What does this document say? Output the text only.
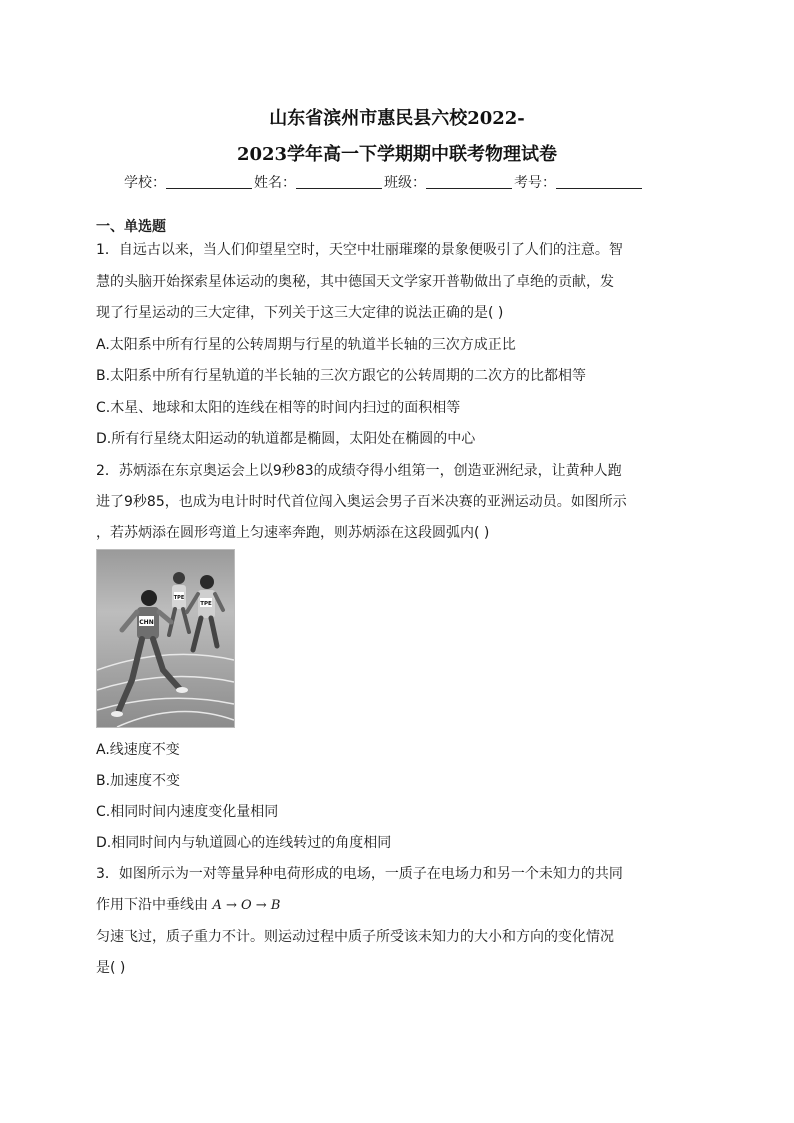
山东省滨州市惠民县六校2022-
2023学年高一下学期期中联考物理试卷
学校：	姓名：	班级：	考号：
一、单选题
1．自远古以来，当人们仰望星空时，天空中壮丽璀璨的景象便吸引了人们的注意。智
慧的头脑开始探索星体运动的奥秘，其中德国天文学家开普勒做出了卓绝的贡献，发
现了行星运动的三大定律，下列关于这三大定律的说法正确的是( )
A.太阳系中所有行星的公转周期与行星的轨道半长轴的三次方成正比
B.太阳系中所有行星轨道的半长轴的三次方跟它的公转周期的二次方的比都相等
C.木星、地球和太阳的连线在相等的时间内扫过的面积相等
D.所有行星绕太阳运动的轨道都是椭圆，太阳处在椭圆的中心
2．苏炳添在东京奥运会上以9秒83的成绩夺得小组第一，创造亚洲纪录，让黄种人跑
进了9秒85，也成为电计时时代首位闯入奥运会男子百米决赛的亚洲运动员。如图所示
，若苏炳添在圆形弯道上匀速率奔跑，则苏炳添在这段圆弧内( )
TPE
TPE
CHN
A.线速度不变
B.加速度不变
C.相同时间内速度变化量相同
D.相同时间内与轨道圆心的连线转过的角度相同
3．如图所示为一对等量异种电荷形成的电场，一质子在电场力和另一个未知力的共同
作用下沿中垂线由 A → O → B
匀速飞过，质子重力不计。则运动过程中质子所受该未知力的大小和方向的变化情况
是( )
